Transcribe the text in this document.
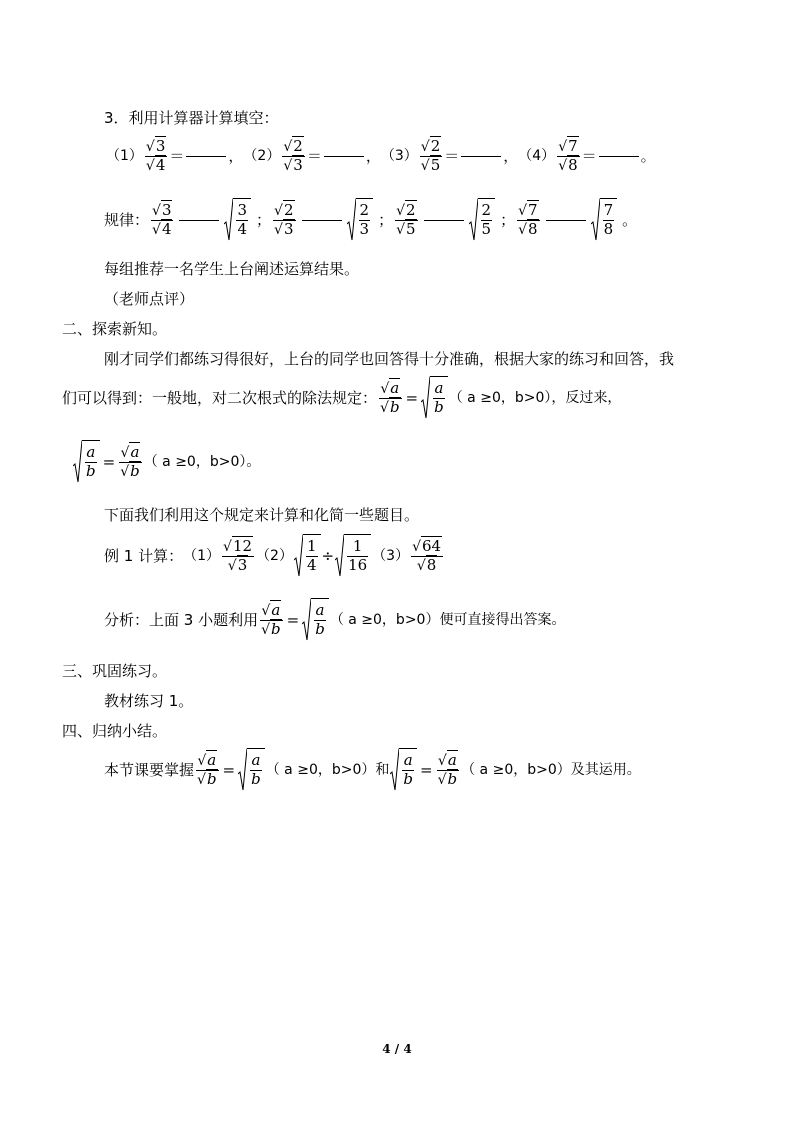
3．利用计算器计算填空：
$(1) \frac{√3}{√4}$ ＝	，$(2) \frac{√2}{√3}$ ＝	，$(3) \frac{√2}{√5}$ ＝	，$(4) \frac{√7}{√8}$ ＝	。
规律： $\frac{√3}{√4}$	$\frac{3}{4}$ ； $\frac{√2}{√3}$	$\frac{2}{3}$ ； $\frac{√2}{√5}$	$\frac{2}{5}$ ； $\frac{√7}{√8}$	$\frac{7}{8}$ 。
每组推荐一名学生上台阐述运算结果。
（老师点评）
二、探索新知。
刚才同学们都练习得很好，上台的同学也回答得十分准确，根据大家的练习和回答，我
们可以得到：一般地，对二次根式的除法规定： $\frac{√a}{√b} = \frac{a}{b}$ （ a ≥0，b>0），反过来，
$\frac{a}{b} = \frac{√a}{√b}$ （ a ≥0，b>0）。
下面我们利用这个规定来计算和化简一些题目。
例 1 计算：$(1) \frac{√12}{√3} (2) \frac{1}{4} \div \frac{1}{16} (3) \frac{√64}{√8}$
分析：上面 3 小题利用 $\frac{√a}{√b} = \frac{a}{b}$ （ a ≥0，b>0）便可直接得出答案。
三、巩固练习。
教材练习 1。
四、归纳小结。
本节课要掌握 $\frac{√a}{√b} = \frac{a}{b}$ （ a ≥0，b>0）和 $\frac{a}{b} = \frac{√a}{√b}$ （ a ≥0，b>0）及其运用。
4 / 4
